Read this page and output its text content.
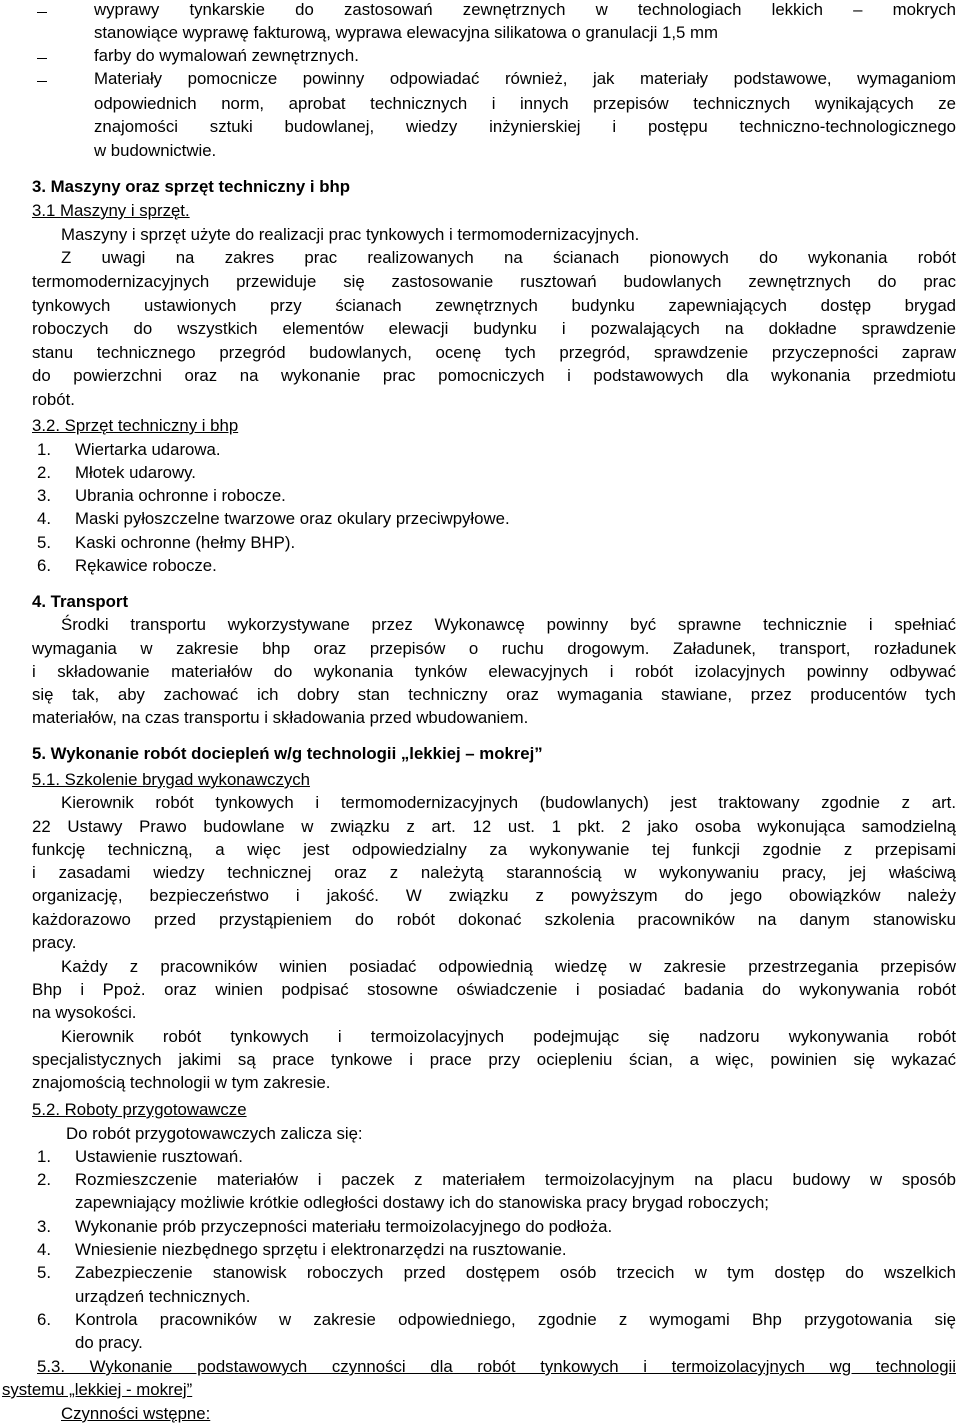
wyprawy tynkarskie do zastosowań zewnętrznych w technologiach lekkich – mokrych
stanowiące wyprawę fakturową, wyprawa elewacyjna silikatowa o granulacji 1,5 mm
farby do wymalowań zewnętrznych.
Materiały pomocnicze powinny odpowiadać również, jak materiały podstawowe, wymaganiom
odpowiednich norm, aprobat technicznych i innych przepisów technicznych wynikających ze
znajomości sztuki budowlanej, wiedzy inżynierskiej i postępu techniczno-technologicznego
w budownictwie.
3. Maszyny oraz sprzęt techniczny i bhp
3.1 Maszyny i sprzęt.
Maszyny i sprzęt użyte do realizacji prac tynkowych i termomodernizacyjnych.
Z uwagi na zakres prac realizowanych na ścianach pionowych do wykonania robót
termomodernizacyjnych przewiduje się zastosowanie rusztowań budowlanych zewnętrznych do prac
tynkowych ustawionych przy ścianach zewnętrznych budynku zapewniających dostęp brygad
roboczych do wszystkich elementów elewacji budynku i pozwalających na dokładne sprawdzenie
stanu technicznego przegród budowlanych, ocenę tych przegród, sprawdzenie przyczepności zapraw
do powierzchni oraz na wykonanie prac pomocniczych i podstawowych dla wykonania przedmiotu
robót.
3.2. Sprzęt techniczny i bhp
1. Wiertarka udarowa.
2. Młotek udarowy.
3. Ubrania ochronne i robocze.
4. Maski pyłoszczelne twarzowe oraz okulary przeciwpyłowe.
5. Kaski ochronne (hełmy BHP).
6. Rękawice robocze.
4. Transport
Środki transportu wykorzystywane przez Wykonawcę powinny być sprawne technicznie i spełniać
wymagania w zakresie bhp oraz przepisów o ruchu drogowym. Załadunek, transport, rozładunek
i składowanie materiałów do wykonania tynków elewacyjnych i robót izolacyjnych powinny odbywać
się tak, aby zachować ich dobry stan techniczny oraz wymagania stawiane, przez producentów tych
materiałów, na czas transportu i składowania przed wbudowaniem.
5. Wykonanie robót dociepleń w/g technologii „lekkiej – mokrej”
5.1. Szkolenie brygad wykonawczych
Kierownik robót tynkowych i termomodernizacyjnych (budowlanych) jest traktowany zgodnie z art.
22 Ustawy Prawo budowlane w związku z art. 12 ust. 1 pkt. 2 jako osoba wykonująca samodzielną
funkcję techniczną, a więc jest odpowiedzialny za wykonywanie tej funkcji zgodnie z przepisami
i zasadami wiedzy technicznej oraz z należytą starannością w wykonywaniu pracy, jej właściwą
organizację, bezpieczeństwo i jakość. W związku z powyższym do jego obowiązków należy
każdorazowo przed przystąpieniem do robót dokonać szkolenia pracowników na danym stanowisku
pracy.
Każdy z pracowników winien posiadać odpowiednią wiedzę w zakresie przestrzegania przepisów
Bhp i Ppoż. oraz winien podpisać stosowne oświadczenie i posiadać badania do wykonywania robót
na wysokości.
Kierownik robót tynkowych i termoizolacyjnych podejmując się nadzoru wykonywania robót
specjalistycznych jakimi są prace tynkowe i prace przy ociepleniu ścian, a więc, powinien się wykazać
znajomością technologii w tym zakresie.
5.2. Roboty przygotowawcze
Do robót przygotowawczych zalicza się:
1. Ustawienie rusztowań.
2. Rozmieszczenie materiałów i paczek z materiałem termoizolacyjnym na placu budowy w sposób
zapewniający możliwie krótkie odległości dostawy ich do stanowiska pracy brygad roboczych;
3. Wykonanie prób przyczepności materiału termoizolacyjnego do podłoża.
4. Wniesienie niezbędnego sprzętu i elektronarzędzi na rusztowanie.
5. Zabezpieczenie stanowisk roboczych przed dostępem osób trzecich w tym dostęp do wszelkich
urządzeń technicznych.
6. Kontrola pracowników w zakresie odpowiedniego, zgodnie z wymogami Bhp przygotowania się
do pracy.
5.3. Wykonanie podstawowych czynności dla robót tynkowych i termoizolacyjnych wg technologii
systemu „lekkiej - mokrej”
Czynności wstępne:
